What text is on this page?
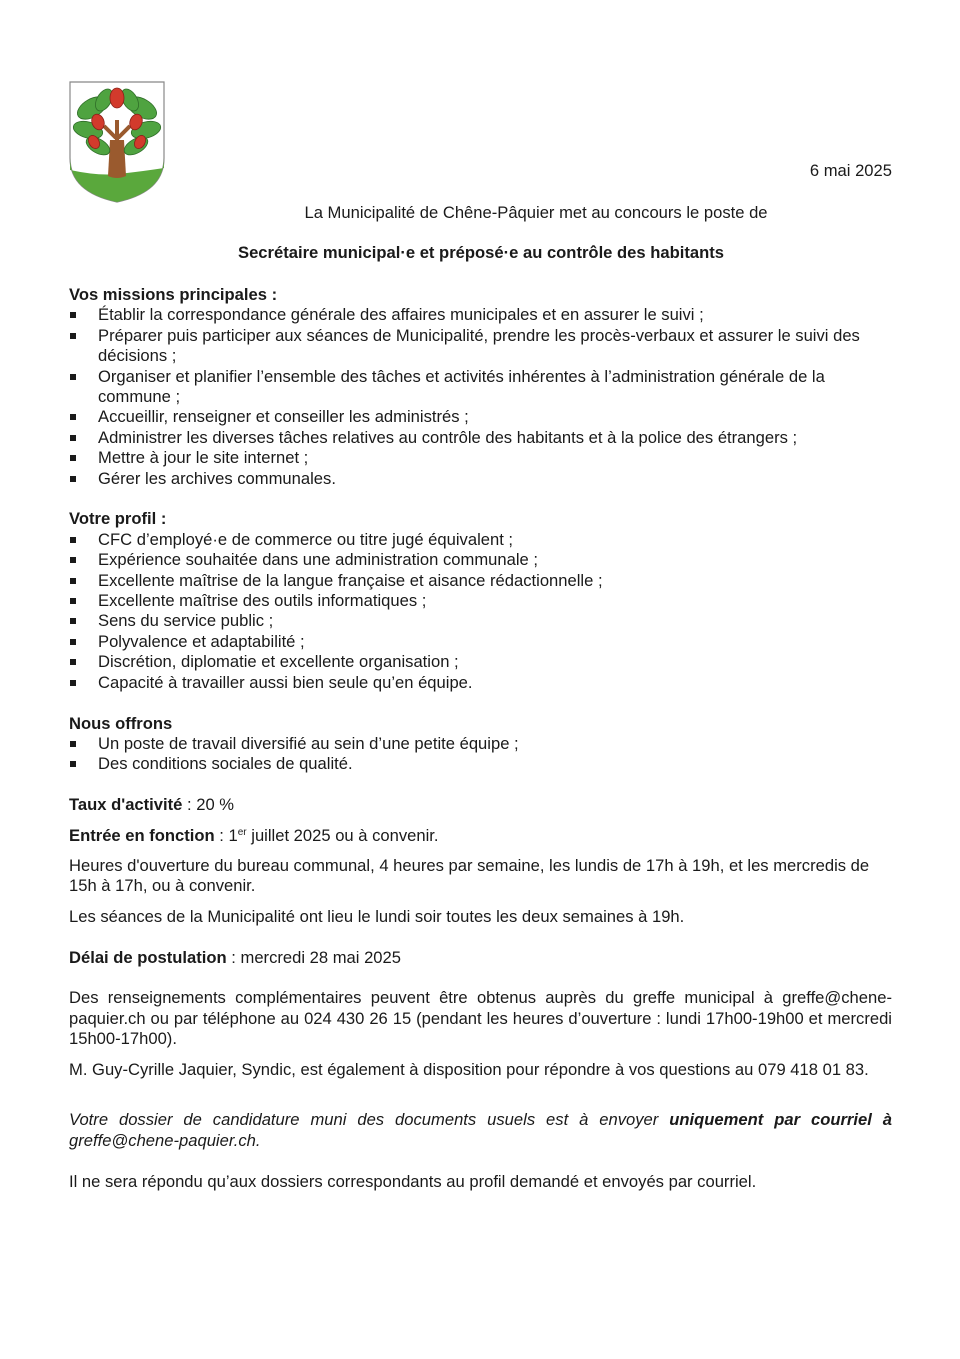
6 mai 2025
La Municipalité de Chêne-Pâquier met au concours le poste de
Secrétaire municipal·e et préposé·e au contrôle des habitants

Vos missions principales :

Établir la correspondance générale des affaires municipales et en assurer le suivi ;
Préparer puis participer aux séances de Municipalité, prendre les procès-verbaux et assurer le suivi des décisions ;
Organiser et planifier l’ensemble des tâches et activités inhérentes à l’administration générale de la commune ;
Accueillir, renseigner et conseiller les administrés ;
Administrer les diverses tâches relatives au contrôle des habitants et à la police des étrangers ;
Mettre à jour le site internet ;
Gérer les archives communales.

Votre profil :

CFC d’employé·e de commerce ou titre jugé équivalent ;
Expérience souhaitée dans une administration communale ;
Excellente maîtrise de la langue française et aisance rédactionnelle ;
Excellente maîtrise des outils informatiques ;
Sens du service public ;
Polyvalence et adaptabilité ;
Discrétion, diplomatie et excellente organisation ;
Capacité à travailler aussi bien seule qu’en équipe.

Nous offrons

Un poste de travail diversifié au sein d’une petite équipe ;
Des conditions sociales de qualité.

Taux d'activité : 20 %

Entrée en fonction : 1er juillet 2025 ou à convenir.

Heures d'ouverture du bureau communal, 4 heures par semaine, les lundis de 17h à 19h, et les mercredis de 15h à 17h, ou à convenir.

Les séances de la Municipalité ont lieu le lundi soir toutes les deux semaines à 19h.

Délai de postulation : mercredi 28 mai 2025

Des renseignements complémentaires peuvent être obtenus auprès du greffe municipal à greffe@chene-paquier.ch ou par téléphone au 024 430 26 15 (pendant les heures d’ouverture : lundi 17h00-19h00 et mercredi 15h00-17h00).

M. Guy-Cyrille Jaquier, Syndic, est également à disposition pour répondre à vos questions au 079 418 01 83.

Votre dossier de candidature muni des documents usuels est à envoyer uniquement par courriel à greffe@chene-paquier.ch.

Il ne sera répondu qu’aux dossiers correspondants au profil demandé et envoyés par courriel.
